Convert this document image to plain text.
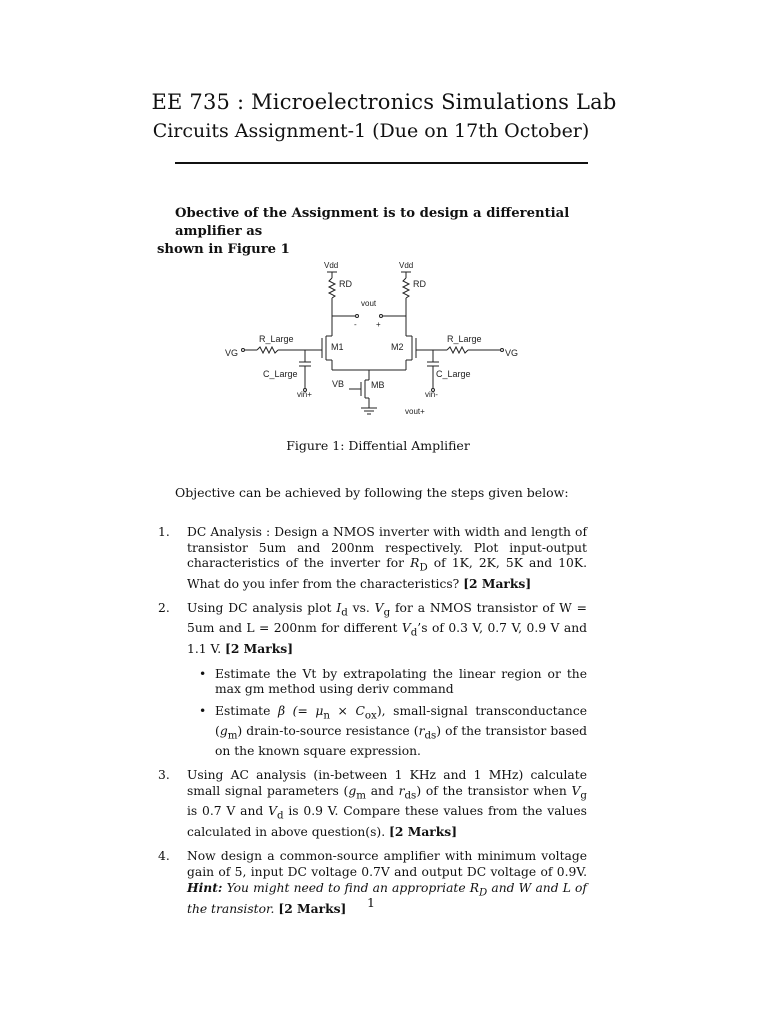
EE 735 : Microelectronics Simulations Lab
Circuits Assignment-1 (Due on 17th October)
Obective of the Assignment is to design a differential amplifier as
shown in Figure 1
Vdd	Vdd
RD	RD
vout
- +
M1	M2
R_Large	R_Large
VG	VG
C_Large	C_Large
VB	MB
vin+	vin-
vout+
Figure 1: Diffential Amplifier
Objective can be achieved by following the steps given below:
1. DC Analysis : Design a NMOS inverter with width and length of transistor 5um and 200nm respectively. Plot input-output characteristics of the inverter for $R_D$ of 1K, 2K, 5K and 10K. What do you infer from the characteristics? [2 Marks]
2. Using DC analysis plot $I_d$ vs. $V_g$ for a NMOS transistor of W = 5um and L = 200nm for different $V_d’s$ of 0.3 V, 0.7 V, 0.9 V and 1.1 V. [2 Marks]
• Estimate the Vt by extrapolating the linear region or the max gm method using deriv command
• Estimate β (= $\mu_n \times C_{ox}$), small-signal transconductance $(g_m)$ drain-to-source resistance $(r_{ds})$ of the transistor based on the known square expression.
3. Using AC analysis (in-between 1 KHz and 1 MHz) calculate small signal parameters ($g_m$ and $r_{ds}$) of the transistor when $V_g$ is 0.7 V and $V_d$ is 0.9 V. Compare these values from the values calculated in above question(s). [2 Marks]
4. Now design a common-source amplifier with minimum voltage gain of 5, input DC voltage 0.7V and output DC voltage of 0.9V. Hint: You might need to find an appropriate $R_D$ and W and L of the transistor. [2 Marks]	1
